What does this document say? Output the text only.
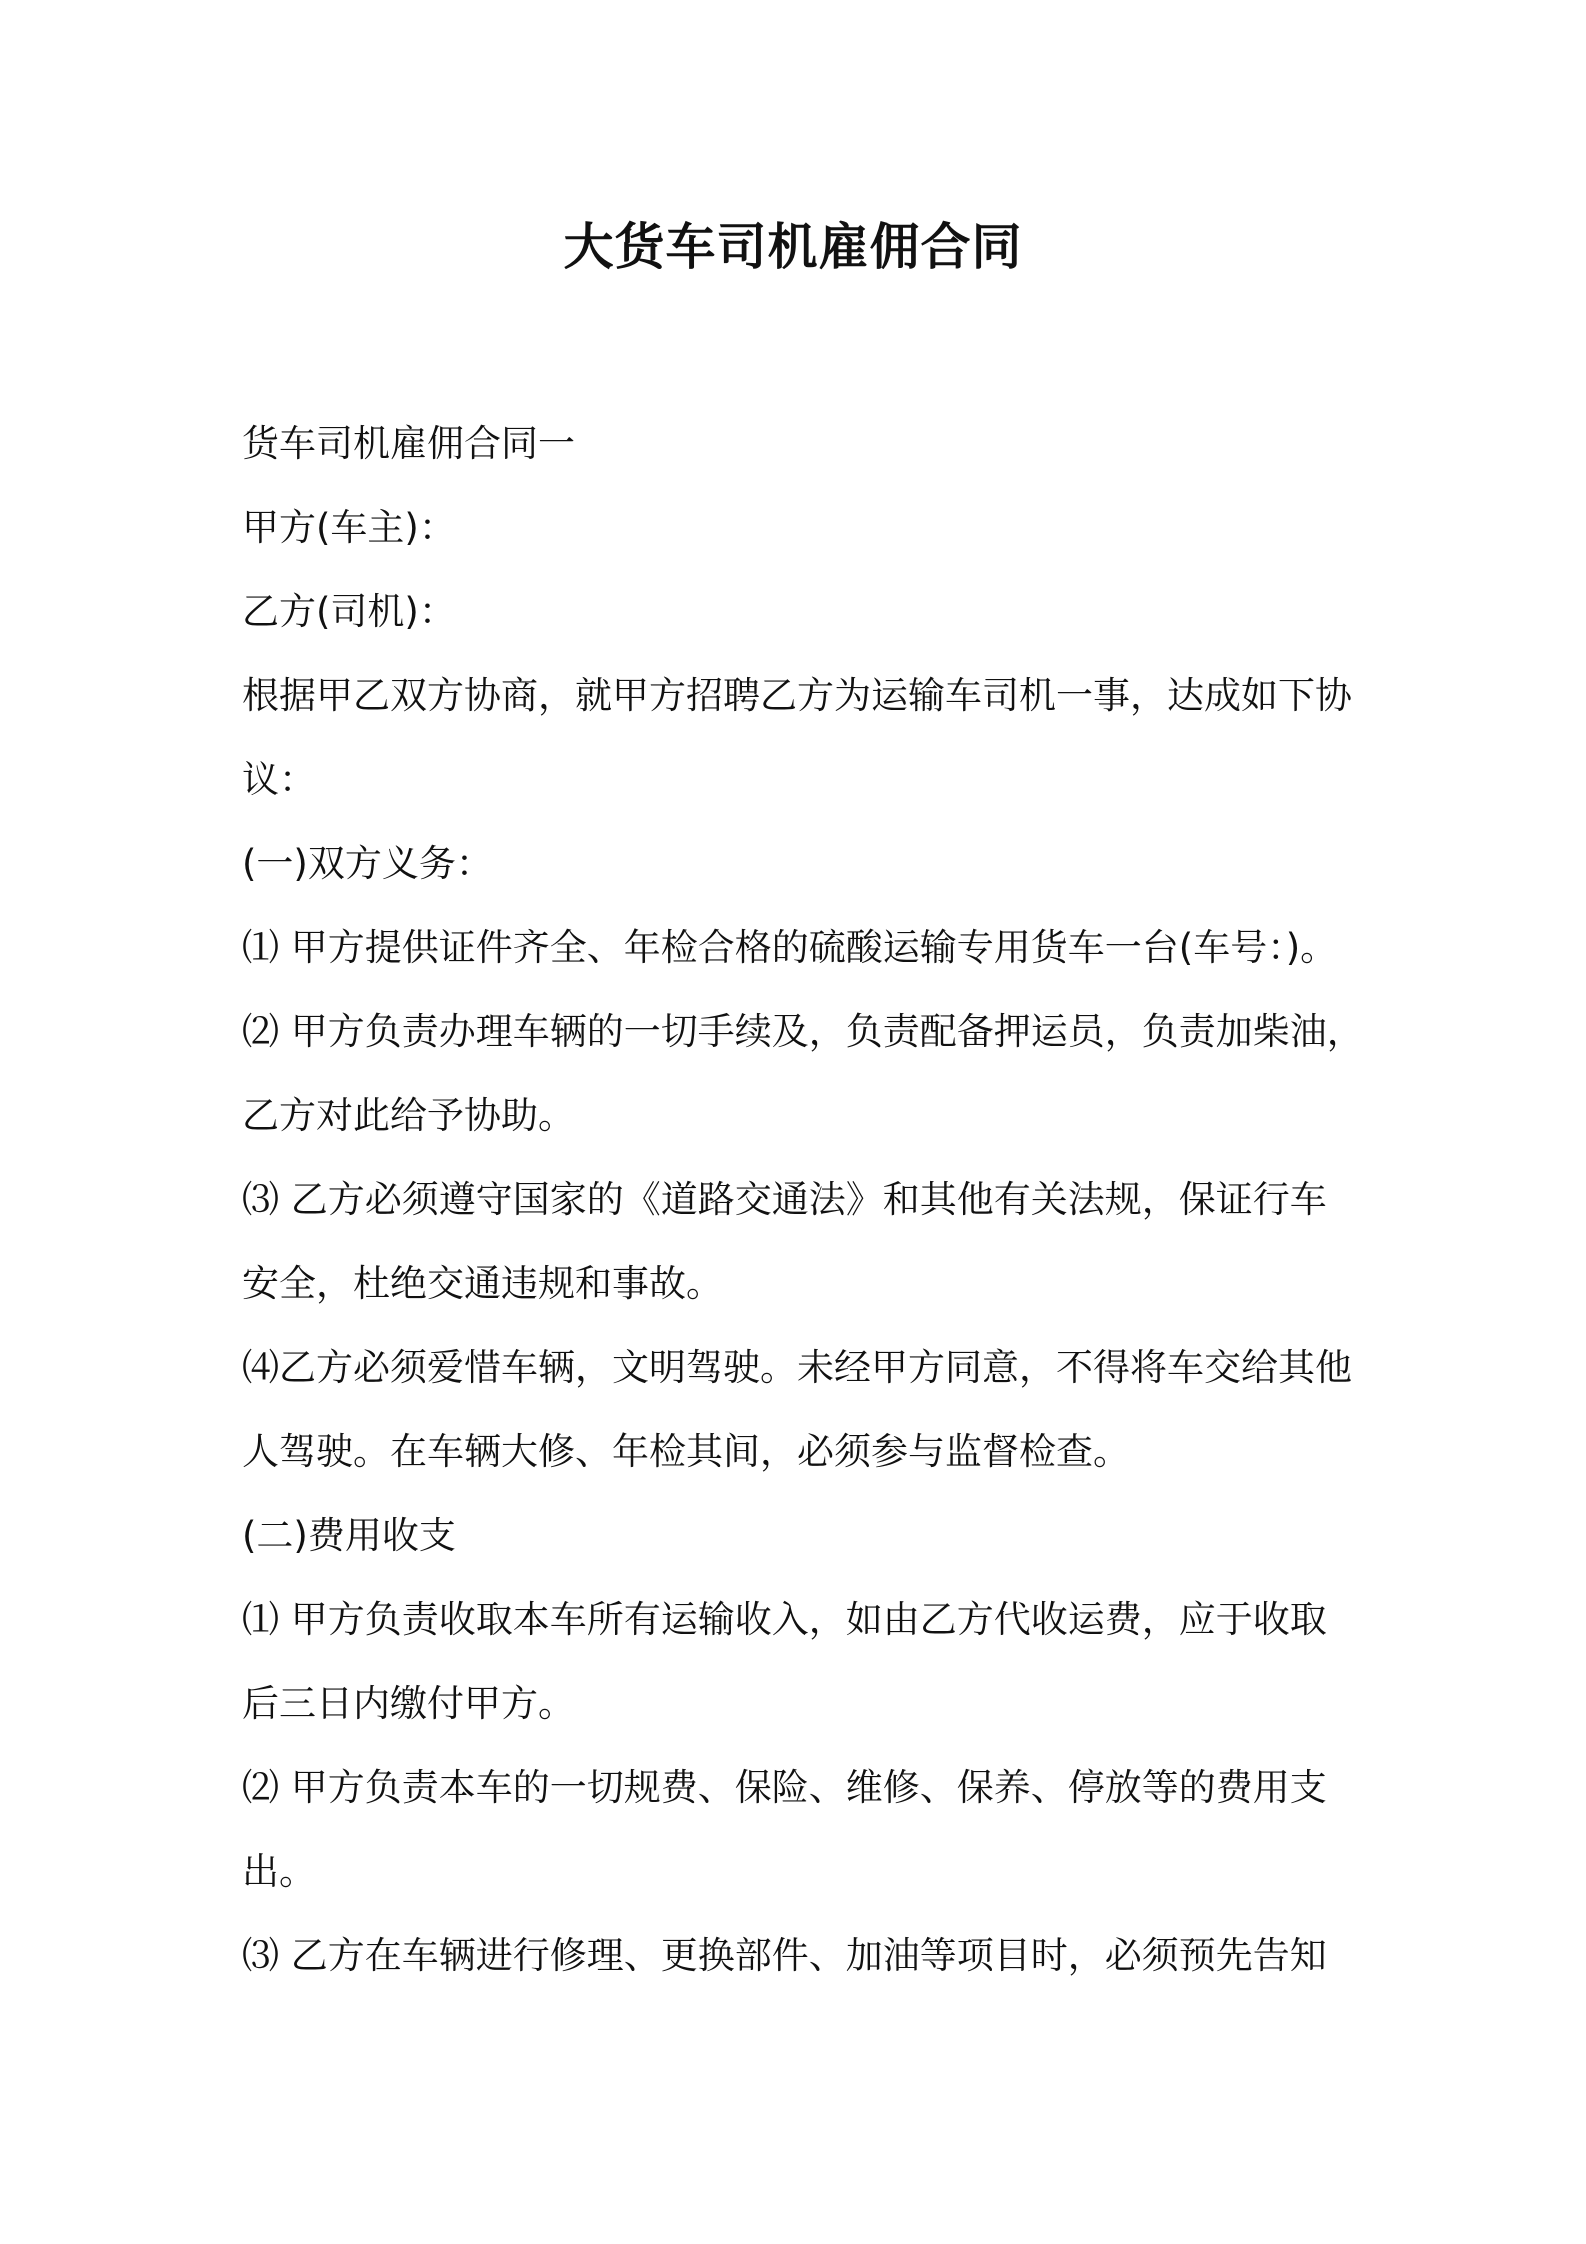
大货车司机雇佣合同

货车司机雇佣合同一

甲方(车主)：

乙方(司机)：

根据甲乙双方协商，就甲方招聘乙方为运输车司机一事，达成如下协

议：

(一)双方义务：

⑴ 甲方提供证件齐全、年检合格的硫酸运输专用货车一台(车号：)。

⑵ 甲方负责办理车辆的一切手续及，负责配备押运员，负责加柴油，

乙方对此给予协助。

⑶ 乙方必须遵守国家的《道路交通法》和其他有关法规，保证行车

安全，杜绝交通违规和事故。

⑷乙方必须爱惜车辆，文明驾驶。未经甲方同意，不得将车交给其他

人驾驶。在车辆大修、年检其间，必须参与监督检查。

(二)费用收支

⑴ 甲方负责收取本车所有运输收入，如由乙方代收运费，应于收取

后三日内缴付甲方。

⑵ 甲方负责本车的一切规费、保险、维修、保养、停放等的费用支

出。

⑶ 乙方在车辆进行修理、更换部件、加油等项目时，必须预先告知
